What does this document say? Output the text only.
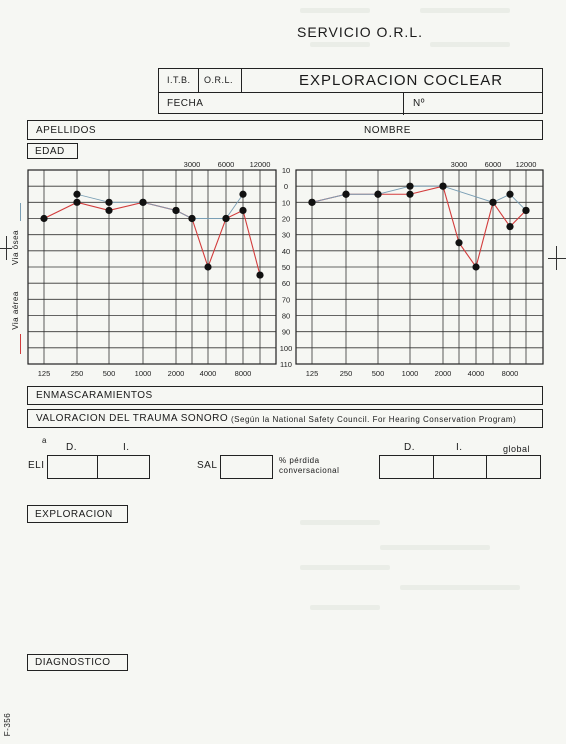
SERVICIO O.R.L.
I.T.B. O.R.L.	EXPLORACION COCLEAR
FECHA	Nº
APELLIDOS	NOMBRE
EDAD
10
0
10
20
30
40
50
60
70
80
90
100
110
3000 6000 12000
125	250	500	1000 2000 4000 8000
3000 6000 12000
125	250	500 1000 2000 4000 8000
Via ósea
Via aérea
ENMASCARAMIENTOS
VALORACION DEL TRAUMA SONORO (Según la National Safety Council. For Hearing Conservation Program)
a
D.	I.
ELI	SAL	% pérdida conversacional
D.	I.	global
EXPLORACION
DIAGNOSTICO
F-356
